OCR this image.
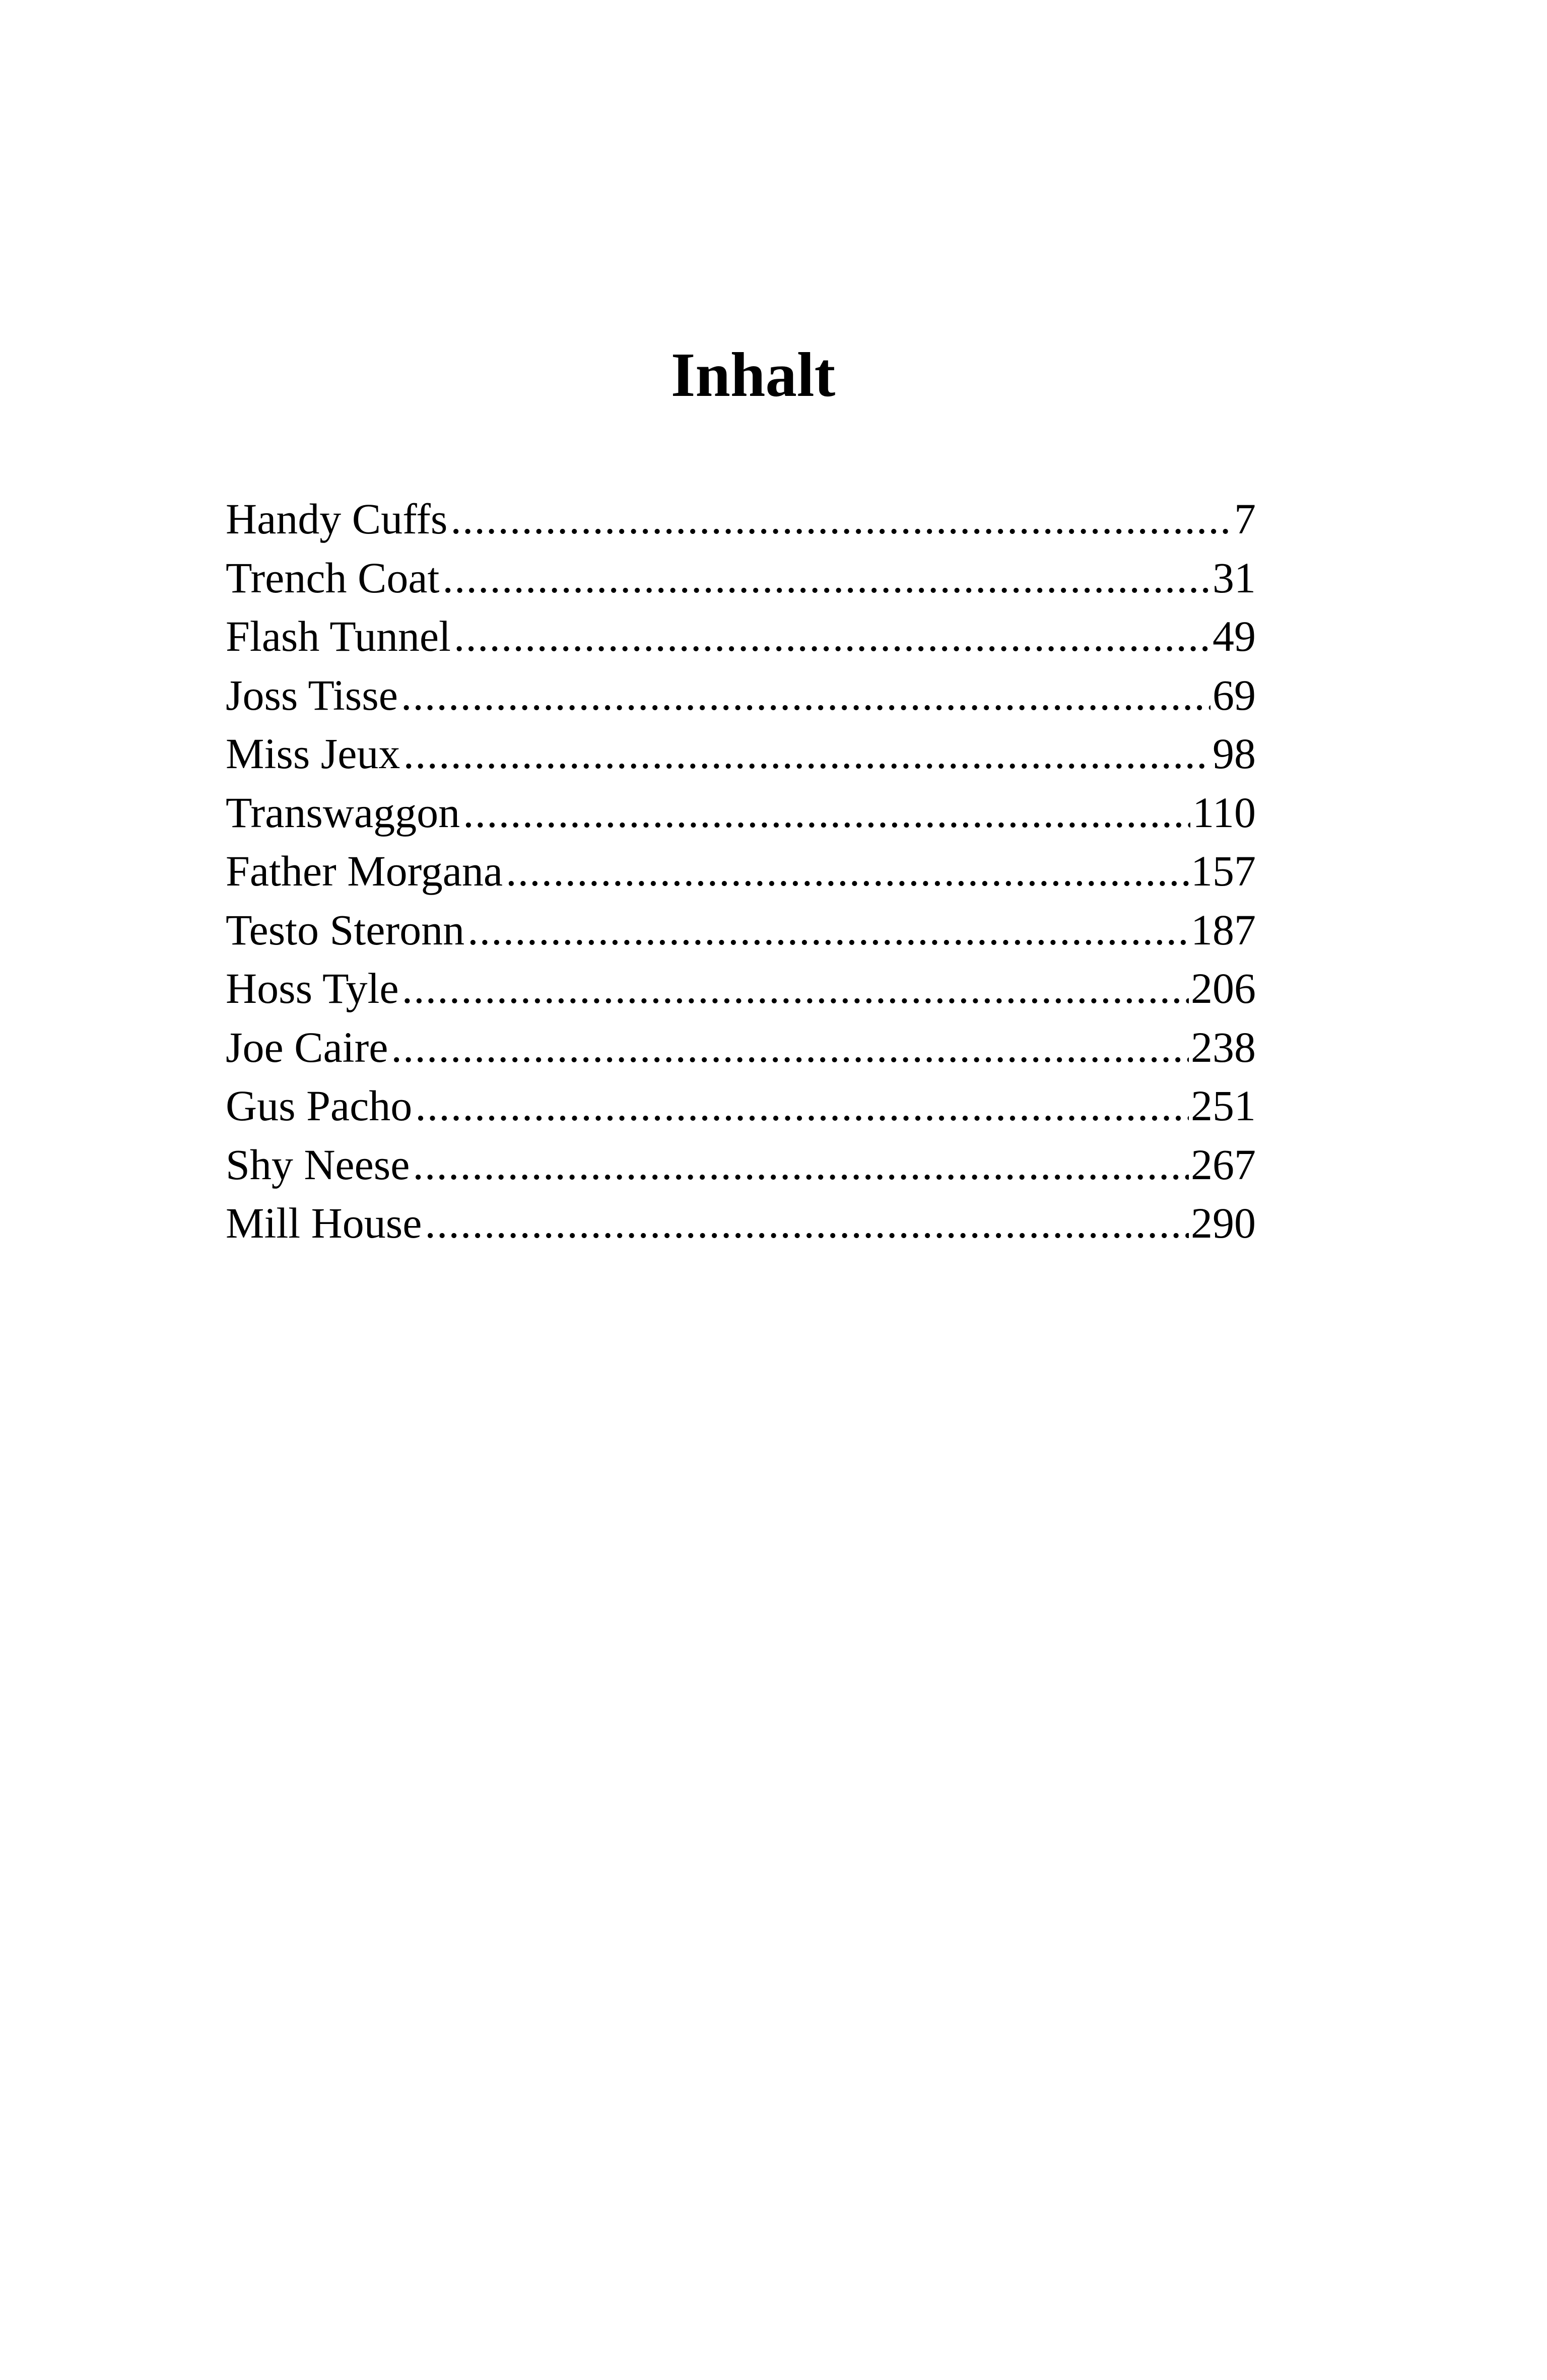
Inhalt
Handy Cuffs .....	7
Trench Coat .....	31
Flash Tunnel .....	49
Joss Tisse .....	69
Miss Jeux .....	98
Transwaggon .....	110
Father Morgana .....	157
Testo Steronn .....	187
Hoss Tyle .....	206
Joe Caire .....	238
Gus Pacho .....	251
Shy Neese .....	267
Mill House .....	290
